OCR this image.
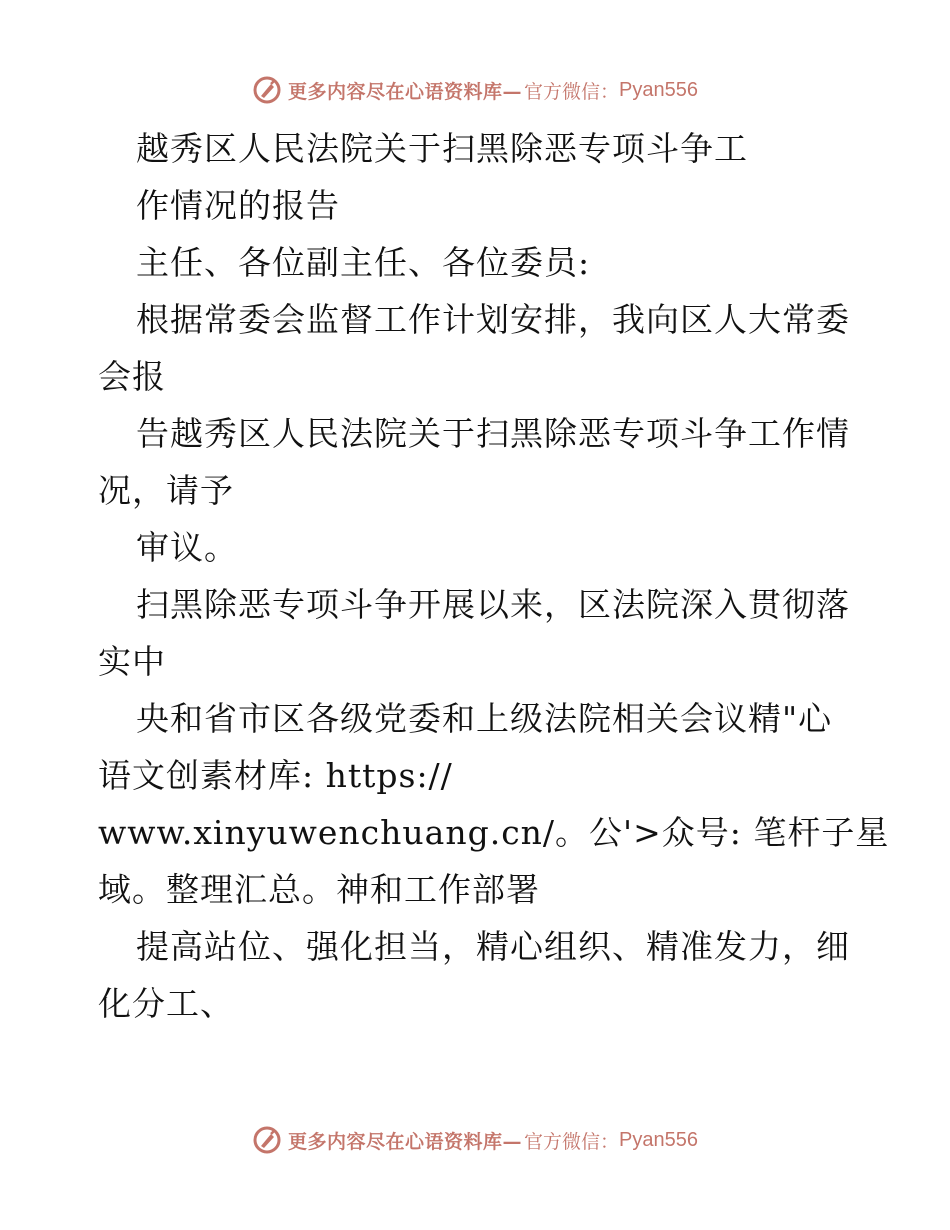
更多内容尽在心语资料库— 官方微信： Pyan556
越秀区人民法院关于扫黑除恶专项斗争工
作情况的报告
主任、各位副主任、各位委员:
根据常委会监督工作计划安排，我向区人大常委
会报
告越秀区人民法院关于扫黑除恶专项斗争工作情
况，请予
审议。
扫黑除恶专项斗争开展以来，区法院深入贯彻落
实中
央和省市区各级党委和上级法院相关会议精"心
语文创素材库: https://
www.xinyuwenchuang.cn/。公'>众号: 笔杆子星
域。整理汇总。神和工作部署
提高站位、强化担当，精心组织、精准发力，细
化分工、
更多内容尽在心语资料库— 官方微信： Pyan556
